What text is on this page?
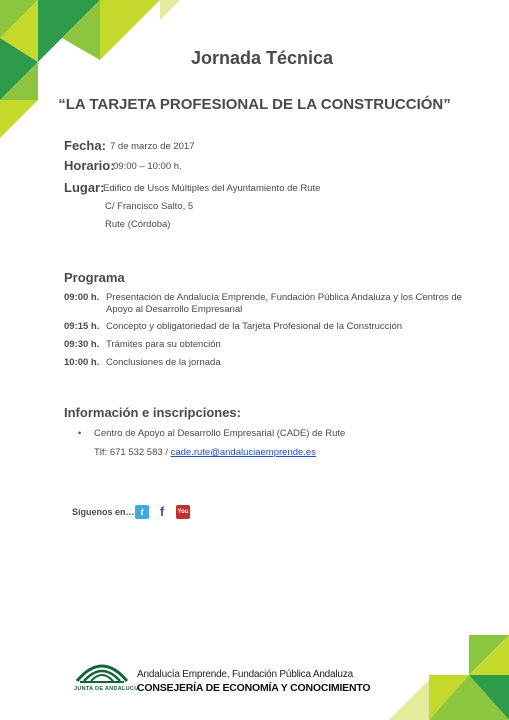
Jornada Técnica
“LA TARJETA PROFESIONAL DE LA CONSTRUCCIÓN”
Fecha: 7 de marzo de 2017
Horario:
09:00 – 10:00 h.
Lugar:
Edifico de Usos Múltiples del Ayuntamiento de Rute
C/ Francisco Salto, 5
Rute (Córdoba)
Programa
09:00 h. Presentación de Andalucía Emprende, Fundación Pública Andaluza y los Centros de Apoyo al Desarrollo Empresarial
09:15 h. Concepto y obligatoriedad de la Tarjeta Profesional de la Construcción
09:30 h. Trámites para su obtención
10:00 h. Conclusiones de la jornada
Información e inscripciones:
• Centro de Apoyo al Desarrollo Empresarial (CADE) de Rute
Tlf: 671 532 583 / cade.rute@andaluciaemprende.es
Síguenos en… t	f	You
JUNTA DE ANDALUCIA
Andalucía Emprende, Fundación Pública Andaluza
CONSEJERÍA DE ECONOMÍA Y CONOCIMIENTO
